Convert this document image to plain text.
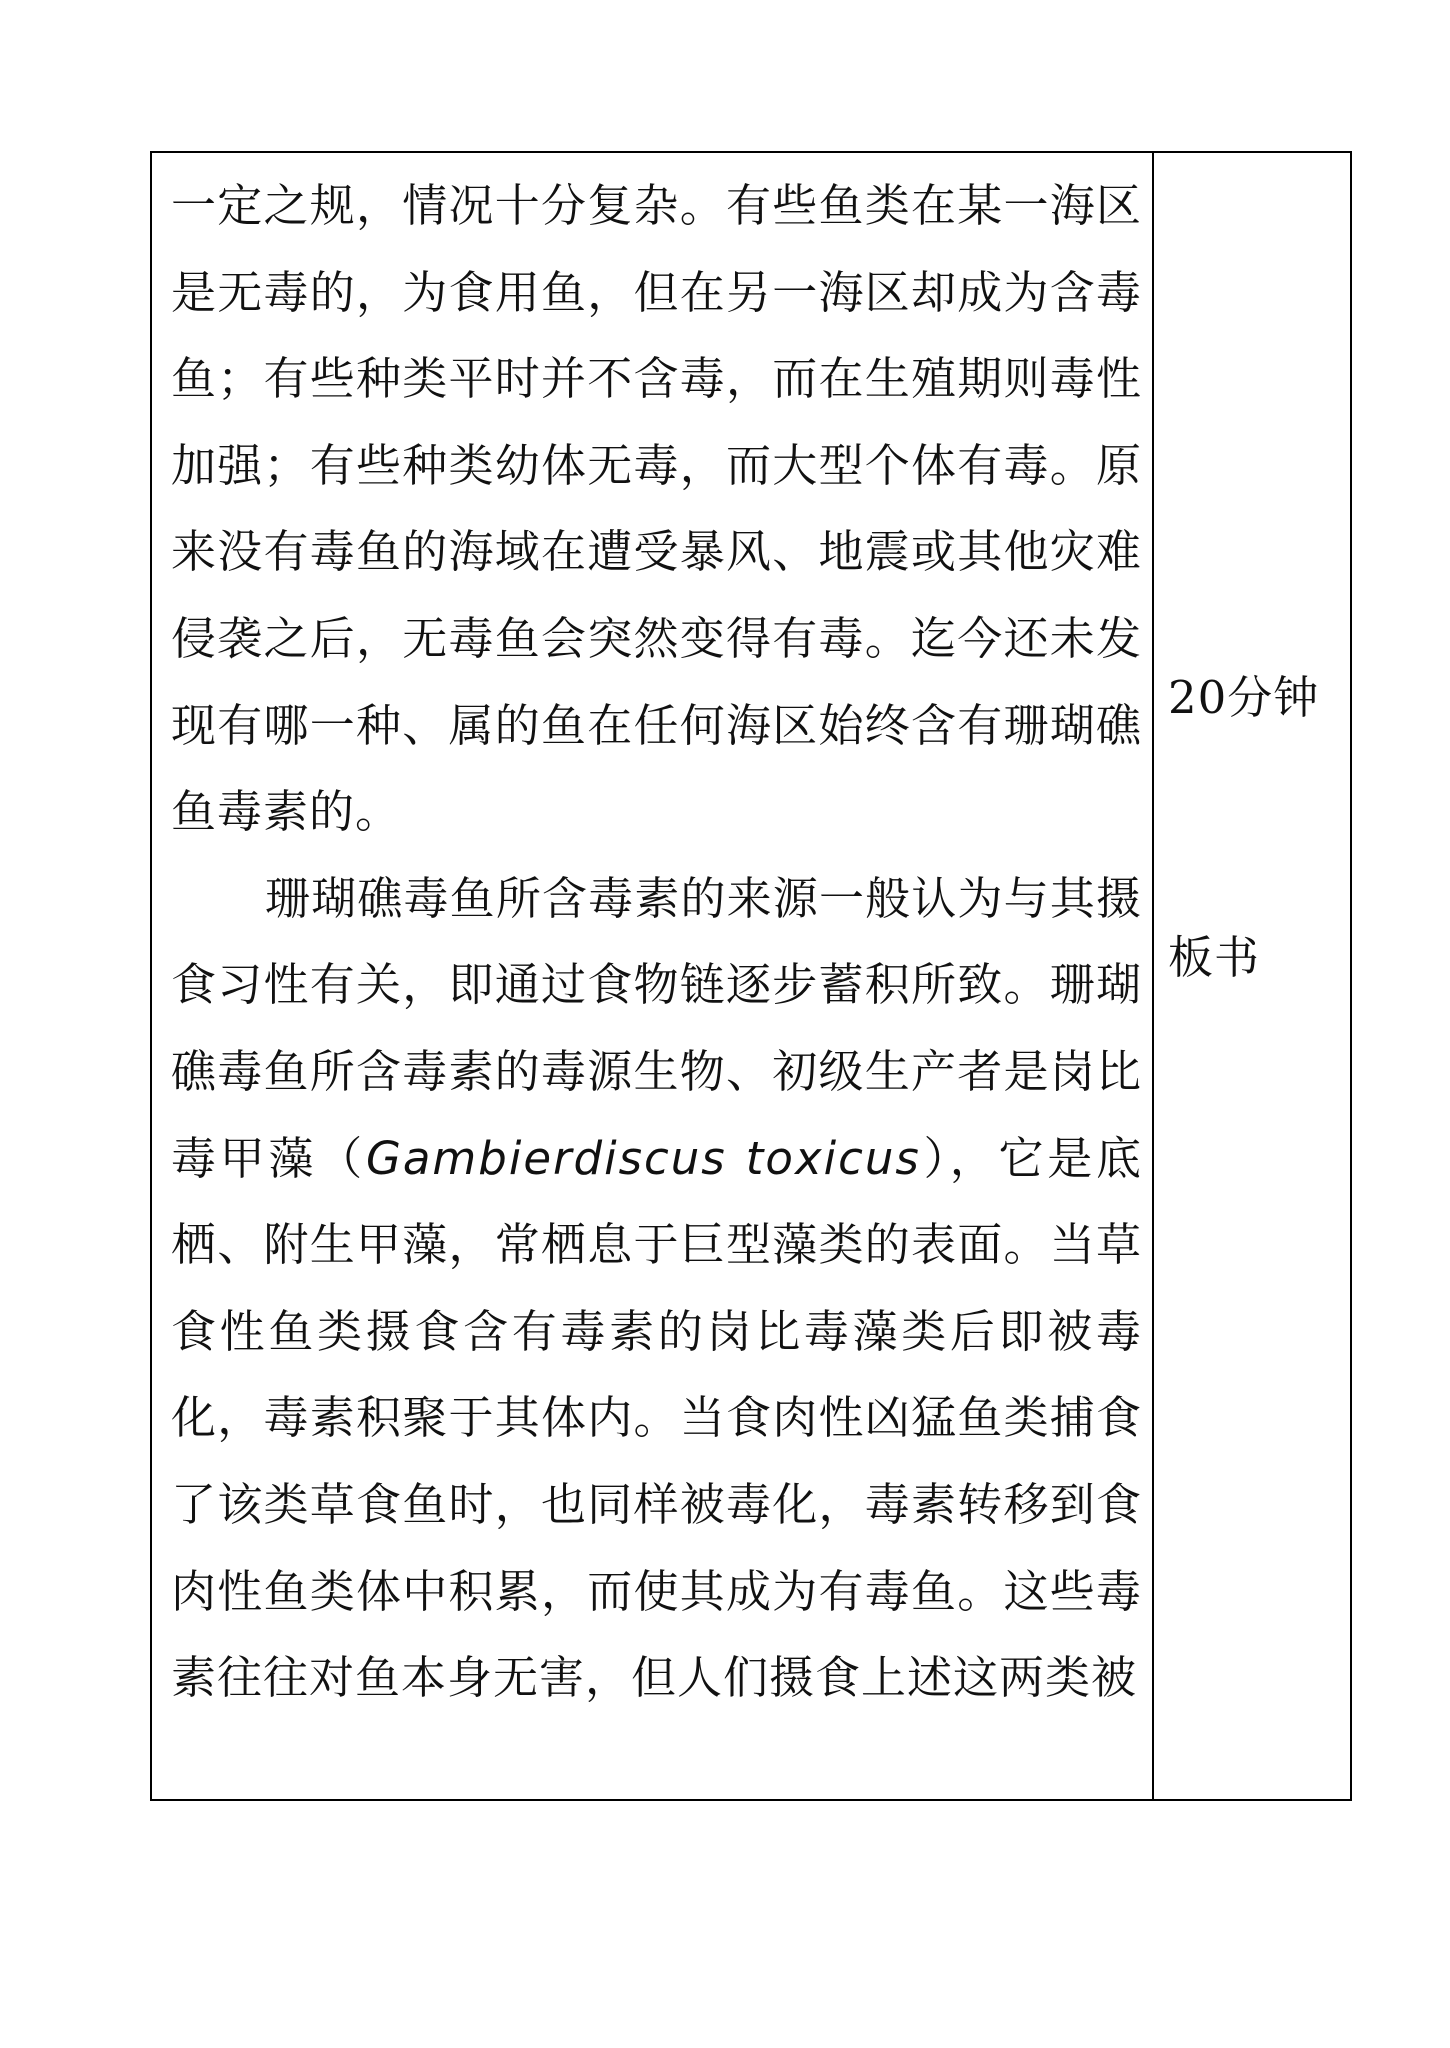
一定之规，情况十分复杂。有些鱼类在某一海区是无毒的，为食用鱼，但在另一海区却成为含毒鱼；有些种类平时并不含毒，而在生殖期则毒性加强；有些种类幼体无毒，而大型个体有毒。原来没有毒鱼的海域在遭受暴风、地震或其他灾难侵袭之后，无毒鱼会突然变得有毒。迄今还未发现有哪一种、属的鱼在任何海区始终含有珊瑚礁鱼毒素的。

珊瑚礁毒鱼所含毒素的来源一般认为与其摄食习性有关，即通过食物链逐步蓄积所致。珊瑚礁毒鱼所含毒素的毒源生物、初级生产者是岗比毒甲藻（Gambierdiscus toxicus），它是底栖、附生甲藻，常栖息于巨型藻类的表面。当草食性鱼类摄食含有毒素的岗比毒藻类后即被毒化，毒素积聚于其体内。当食肉性凶猛鱼类捕食了该类草食鱼时，也同样被毒化，毒素转移到食肉性鱼类体中积累，而使其成为有毒鱼。这些毒素往往对鱼本身无害，但人们摄食上述这两类被

20分钟
板书
